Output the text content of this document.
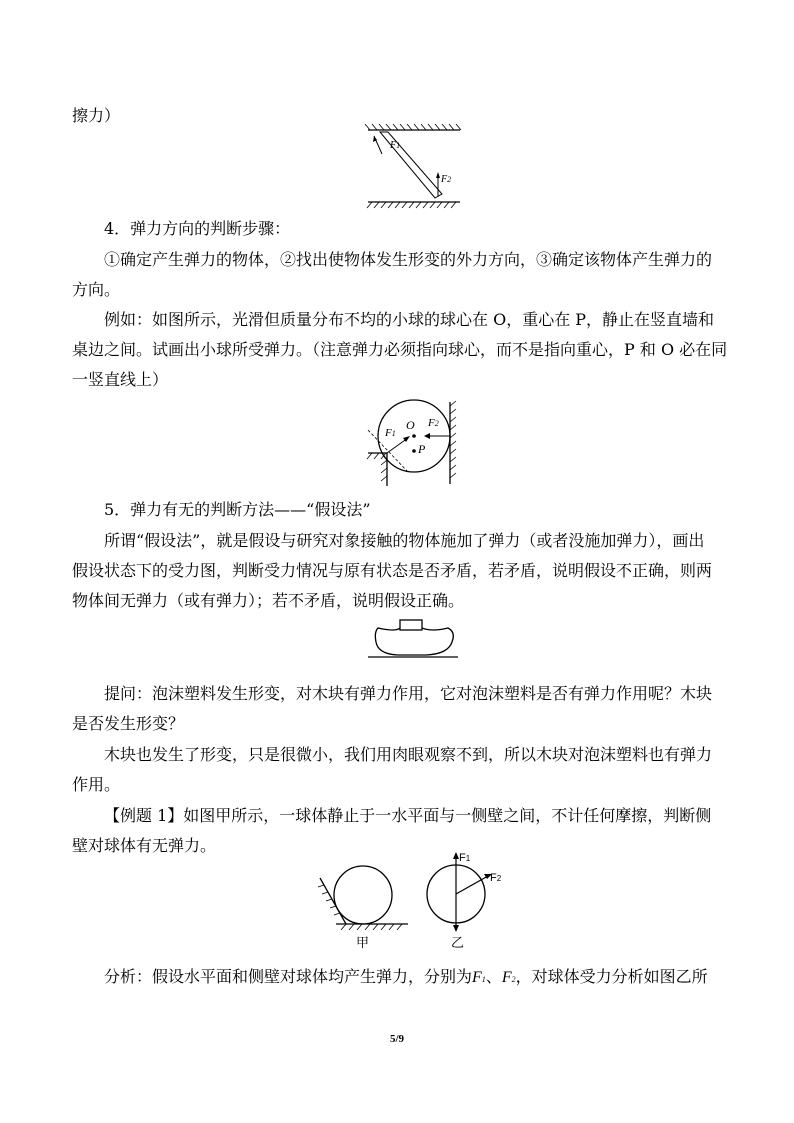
擦力）
F1
F2
4．弹力方向的判断步骤：
①确定产生弹力的物体，②找出使物体发生形变的外力方向，③确定该物体产生弹力的
方向。
例如：如图所示，光滑但质量分布不均的小球的球心在 O，重心在 P，静止在竖直墙和
桌边之间。试画出小球所受弹力。（注意弹力必须指向球心，而不是指向重心，P 和 O 必在同
一竖直线上）
O
P
F1
F2
5．弹力有无的判断方法——“假设法”
所谓“假设法”，就是假设与研究对象接触的物体施加了弹力（或者没施加弹力），画出
假设状态下的受力图，判断受力情况与原有状态是否矛盾，若矛盾，说明假设不正确，则两
物体间无弹力（或有弹力）；若不矛盾，说明假设正确。
提问：泡沫塑料发生形变，对木块有弹力作用，它对泡沫塑料是否有弹力作用呢？木块
是否发生形变？
木块也发生了形变，只是很微小，我们用肉眼观察不到，所以木块对泡沫塑料也有弹力
作用。
【例题 1】如图甲所示，一球体静止于一水平面与一侧壁之间，不计任何摩擦，判断侧
壁对球体有无弹力。
甲
F1
F2
乙
分析：假设水平面和侧壁对球体均产生弹力，分别为F1、F2，对球体受力分析如图乙所
5/9
